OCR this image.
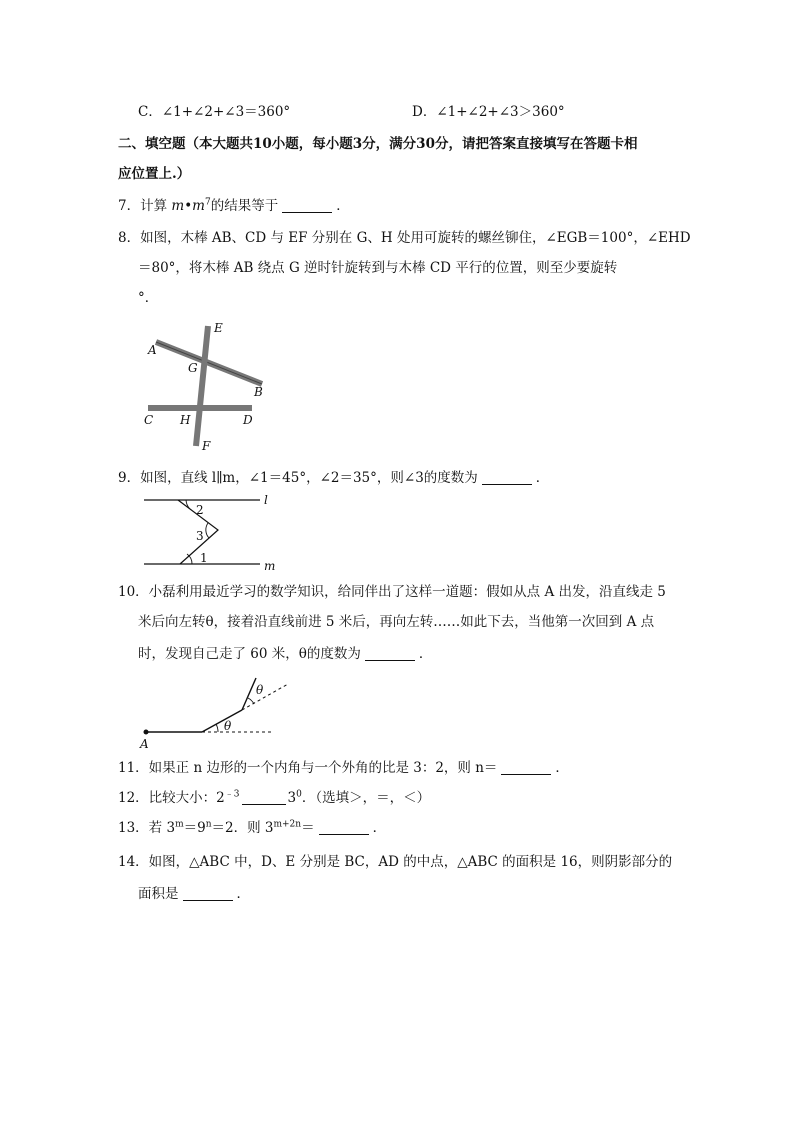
C．∠1+∠2+∠3＝360°	D．∠1+∠2+∠3＞360°
二、填空题（本大题共10小题，每小题3分，满分30分，请把答案直接填写在答题卡相
应位置上.）
7．计算 $m•m^7$的结果等于	．
8．如图，木棒 AB、CD 与 EF 分别在 G、H 处用可旋转的螺丝铆住，∠EGB＝100°，∠EHD
＝80°，将木棒 AB 绕点 G 逆时针旋转到与木棒 CD 平行的位置，则至少要旋转
°．
A
B
C	D
E
F
G
H
9．如图，直线 l∥m，∠1＝45°，∠2＝35°，则∠3的度数为	．
l
m
2
3
1
10．小磊利用最近学习的数学知识，给同伴出了这样一道题：假如从点 A 出发，沿直线走 5
米后向左转θ，接着沿直线前进 5 米后，再向左转……如此下去，当他第一次回到 A 点
时，发现自己走了 60 米，θ的度数为	．
A
θ
θ
11．如果正 n 边形的一个内角与一个外角的比是 3：2，则 n＝	．
12．比较大小：$2^{﹣3}$	$3^0$．（选填＞，＝，＜）
13．若 $3^m=9^n=2$．则 $3^{m+2n}=$	．
14．如图，△ABC 中，D、E 分别是 BC，AD 的中点，△ABC 的面积是 16，则阴影部分的
面积是	．
